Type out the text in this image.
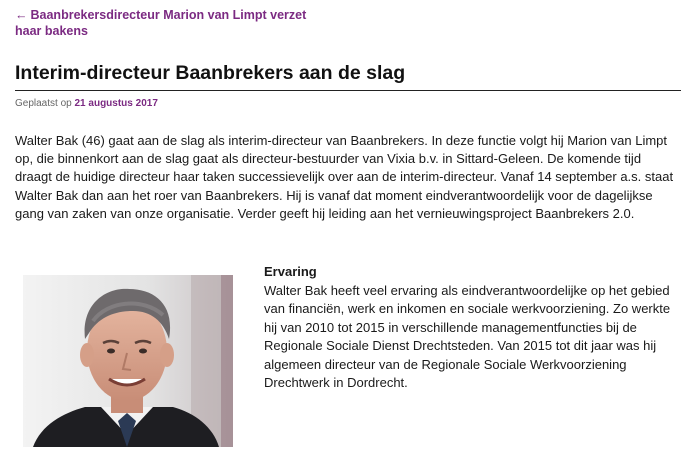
← Baanbrekersdirecteur Marion van Limpt verzet haar bakens
Interim-directeur Baanbrekers aan de slag
Geplaatst op 21 augustus 2017

Walter Bak (46) gaat aan de slag als interim-directeur van Baanbrekers. In deze functie volgt hij Marion van Limpt op, die binnenkort aan de slag gaat als directeur-bestuurder van Vixia b.v. in Sittard-Geleen. De komende tijd draagt de huidige directeur haar taken successievelijk over aan de interim-directeur. Vanaf 14 september a.s. staat Walter Bak dan aan het roer van Baanbrekers. Hij is vanaf dat moment eindverantwoordelijk voor de dagelijkse gang van zaken van onze organisatie. Verder geeft hij leiding aan het vernieuwingsproject Baanbrekers 2.0.

Ervaring
Walter Bak heeft veel ervaring als eindverantwoordelijke op het gebied van financiën, werk en inkomen en sociale werkvoorziening. Zo werkte hij van 2010 tot 2015 in verschillende managementfuncties bij de Regionale Sociale Dienst Drechtsteden. Van 2015 tot dit jaar was hij algemeen directeur van de Regionale Sociale Werkvoorziening Drechtwerk in Dordrecht.
